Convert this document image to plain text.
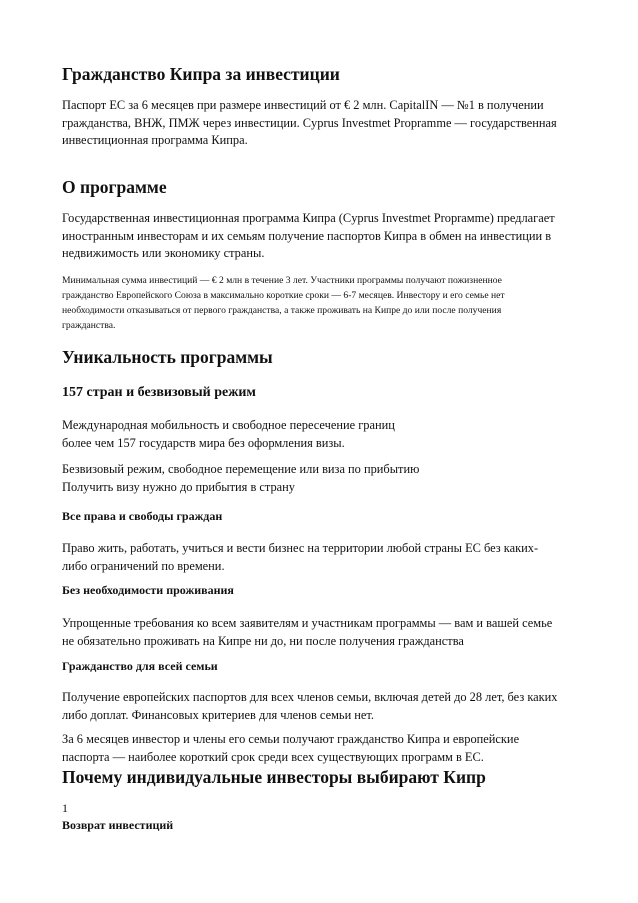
Гражданство Кипра за инвестиции

Паспорт ЕС за 6 месяцев при размере инвестиций от € 2 млн. CapitalIN — №1 в получении
гражданства, ВНЖ, ПМЖ через инвестиции. Cyprus Investmet Propramme — государственная
инвестиционная программа Кипра.

О программе

Государственная инвестиционная программа Кипра (Cyprus Investmet Proprамme) предлагает
иностранным инвесторам и их семьям получение паспортов Кипра в обмен на инвестиции в
недвижимость или экономику страны.

Минимальная сумма инвестиций — € 2 млн в течение 3 лет. Участники программы получают пожизненное
гражданство Европейского Союза в максимально короткие сроки — 6-7 месяцев. Инвестору и его семье нет
необходимости отказываться от первого гражданства, а также проживать на Кипре до или после получения
гражданства.

Уникальность программы
157 стран и безвизовый режим

Международная мобильность и свободное пересечение границ
более чем 157 государств мира без оформления визы.

Безвизовый режим, свободное перемещение или виза по прибытию
Получить визу нужно до прибытия в страну

Все права и свободы граждан

Право жить, работать, учиться и вести бизнес на территории любой страны ЕС без каких-
либо ограничений по времени.

Без необходимости проживания

Упрощенные требования ко всем заявителям и участникам программы — вам и вашей семье
не обязательно проживать на Кипре ни до, ни после получения гражданства

Гражданство для всей семьи

Получение европейских паспортов для всех членов семьи, включая детей до 28 лет, без каких
либо доплат. Финансовых критериев для членов семьи нет.

За 6 месяцев инвестор и члены его семьи получают гражданство Кипра и европейские
паспорта — наиболее короткий срок среди всех существующих программ в ЕС.

Почему индивидуальные инвесторы выбирают Кипр

1

Возврат инвестиций
